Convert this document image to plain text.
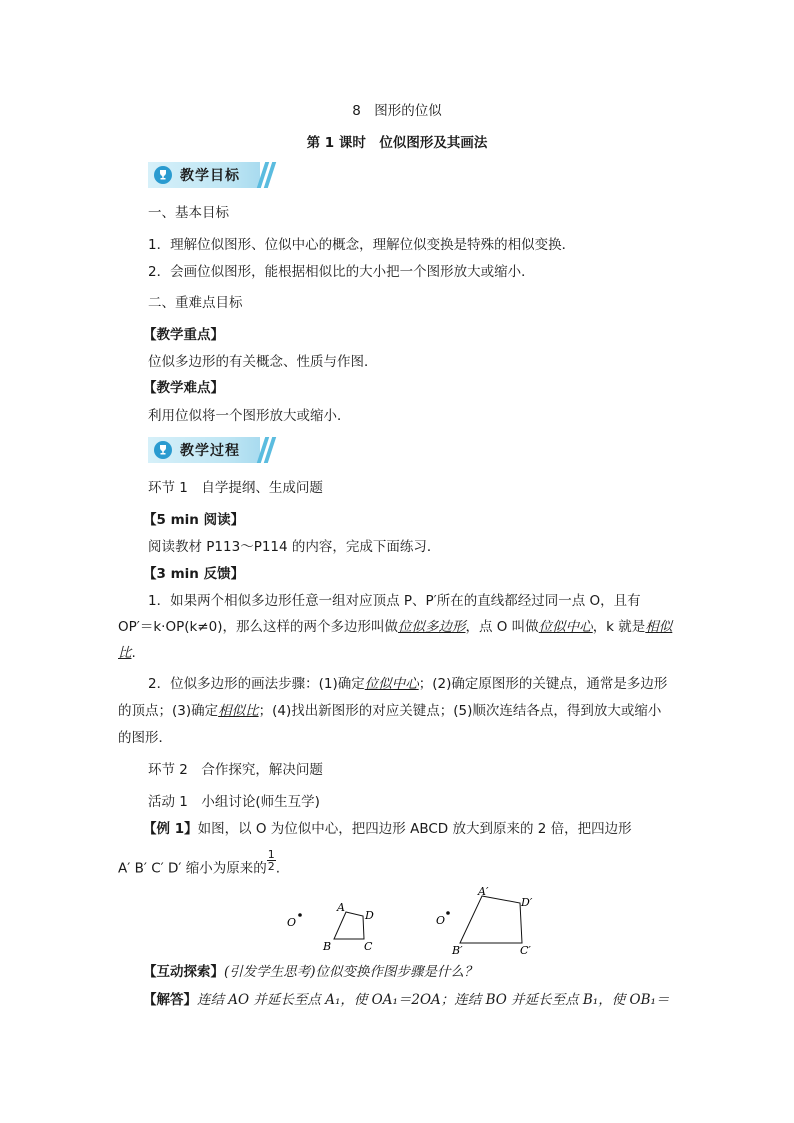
8　图形的位似
第 1 课时　位似图形及其画法
教学目标
一、基本目标
1．理解位似图形、位似中心的概念，理解位似变换是特殊的相似变换．
2．会画位似图形，能根据相似比的大小把一个图形放大或缩小．
二、重难点目标
【教学重点】
位似多边形的有关概念、性质与作图．
【教学难点】
利用位似将一个图形放大或缩小．
教学过程
环节 1　自学提纲、生成问题
【5 min 阅读】
阅读教材 P113～P114 的内容，完成下面练习．
【3 min 反馈】
1．如果两个相似多边形任意一组对应顶点 P、P′所在的直线都经过同一点 O，且有
OP′＝k·OP(k≠0)，那么这样的两个多边形叫做位似多边形，点 O 叫做位似中心，k 就是相似
比.
2．位似多边形的画法步骤：(1)确定位似中心；(2)确定原图形的关键点，通常是多边形
的顶点；(3)确定相似比；(4)找出新图形的对应关键点；(5)顺次连结各点，得到放大或缩小
的图形．
环节 2　合作探究，解决问题
活动 1　小组讨论(师生互学)
【例 1】如图，以 O 为位似中心，把四边形 ABCD 放大到原来的 2 倍，把四边形
A′ B′ C′ D′ 缩小为原来的 $\frac{1}{2}$ .
O
A
D
B	C
O
A′
D′
B′	C′
【互动探索】(引发学生思考)位似变换作图步骤是什么？
【解答】连结 AO 并延长至点 A₁，使 OA₁＝2OA；连结 BO 并延长至点 B₁，使 OB₁＝
